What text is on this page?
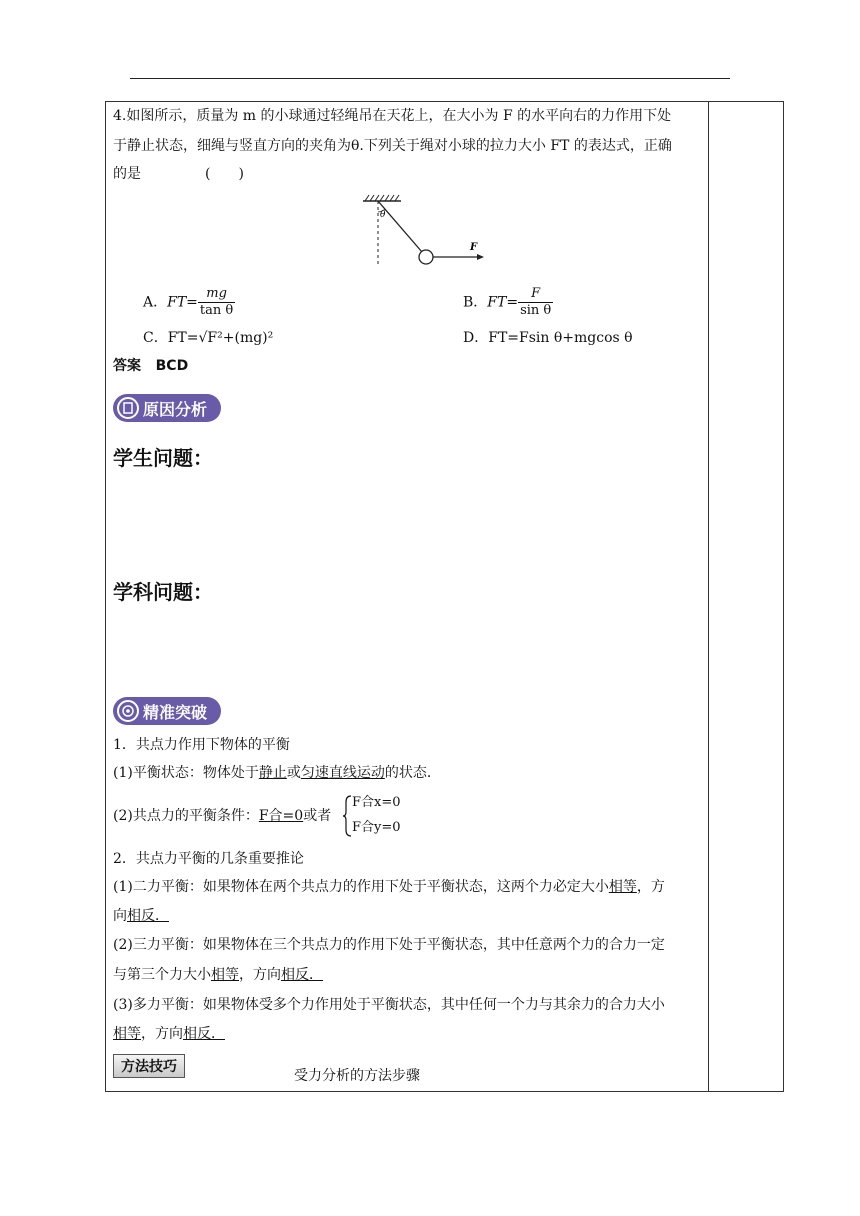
4.如图所示，质量为 m 的小球通过轻绳吊在天花上，在大小为 F 的水平向右的力作用下处
于静止状态，细绳与竖直方向的夹角为θ.下列关于绳对小球的拉力大小 FT 的表达式，正确
的是	(　　)
θ
F
A．$FT= \frac{mg}{\text{tan θ}}$	B．$FT= \frac{F}{\text{sin θ}}$
C．FT=√F²+(mg)²	D．FT=Fsin θ+mgcos θ
答案 BCD
原因分析
学生问题：
学科问题：
精准突破
1．共点力作用下物体的平衡
(1)平衡状态：物体处于静止或匀速直线运动的状态．
(2)共点力的平衡条件：F合=0或者
F合x=0
F合y=0
2．共点力平衡的几条重要推论
(1)二力平衡：如果物体在两个共点力的作用下处于平衡状态，这两个力必定大小相等，方
向相反．
(2)三力平衡：如果物体在三个共点力的作用下处于平衡状态，其中任意两个力的合力一定
与第三个力大小相等，方向相反．
(3)多力平衡：如果物体受多个力作用处于平衡状态，其中任何一个力与其余力的合力大小
相等，方向相反．
方法技巧
受力分析的方法步骤
